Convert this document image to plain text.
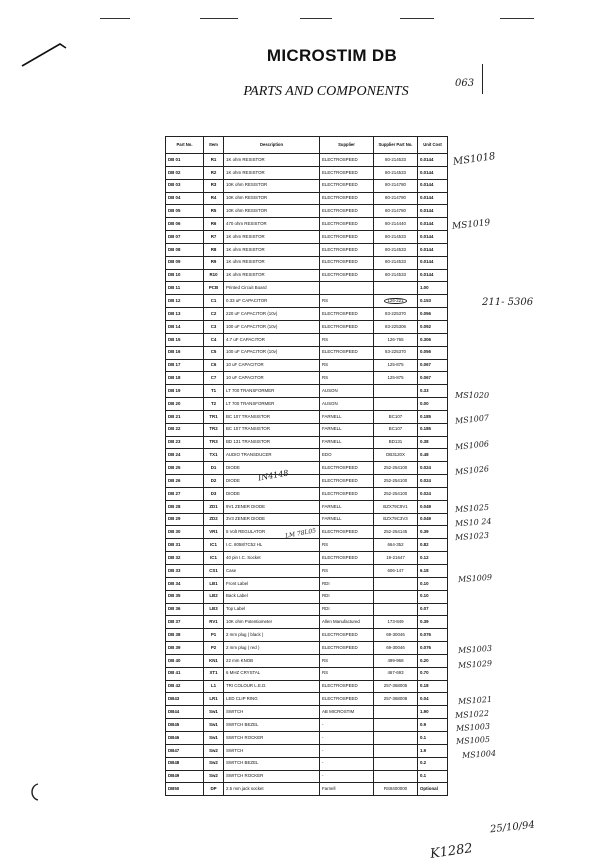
MICROSTIM DB
PARTS AND COMPONENTS
063
Part No.	Item	Description	Supplier	Supplier Part No.	Unit Cost
DB 01	R1	1K ohm RESISTOR	ELECTROSPEED	80-214533	0.0144
DB 02	R2	1K ohm RESISTOR	ELECTROSPEED	80-214533	0.0144
DB 03	R3	10K ohm RESISTOR	ELECTROSPEED	80-214780	0.0144
DB 04	R4	10K ohm RESISTOR	ELECTROSPEED	80-214780	0.0144
DB 05	R5	10K ohm RESISTOR	ELECTROSPEED	80-214780	0.0144
DB 06	R6	470 ohm RESISTOR	ELECTROSPEED	80-214440	0.0144
DB 07	R7	1K ohm RESISTOR	ELECTROSPEED	80-214533	0.0144
DB 08	R8	1K ohm RESISTOR	ELECTROSPEED	80-214533	0.0144
DB 09	R9	1K ohm RESISTOR	ELECTROSPEED	80-214533	0.0144
DB 10	R10	1K ohm RESISTOR	ELECTROSPEED	80-214533	0.0144
DB 11	PCB	Printed Circuit Board			1.00
DB 12	C1	0.33 uF CAPACITOR	RS	126-221	0.153
DB 13	C2	220 uF CAPACITOR (10v)	ELECTROSPEED	83-225370	0.056
DB 14	C3	100 uF CAPACITOR (10v)	ELECTROSPEED	83-225306	0.092
DB 15	C4	4.7 uF CAPACITOR	RS	126-765	0.306
DB 16	C5	100 uF CAPACITOR (10v)	ELECTROSPEED	83-225370	0.056
DB 17	C6	10 uF CAPACITOR	RS	125-875	0.067
DB 18	C7	10 uF CAPACITOR	RS	125-875	0.067
DB 19	T1	LT 700 TRANSFORMER	AUSON		0.33
DB 20	T2	LT 700 TRANSFORMER	AUSON		0.00
DB 21	TR1	BC 107 TRANSISTOR	FARNELL	BC107	0.185
DB 22	TR2	BC 107 TRANSISTOR	FARNELL	BC107	0.185
DB 23	TR3	BD 131 TRANSISTOR	FARNELL	BD131	0.38
DB 24	TX1	AUDIO TRANSDUCER	EDO	DB3120X	0.48
DB 25	D1	DIODE	ELECTROSPEED	252-254100	0.024
DB 26	D2	DIODE	ELECTROSPEED	252-254100	0.024
DB 27	D3	DIODE	ELECTROSPEED	252-254100	0.024
DB 28	ZD1	9V1 ZENER DIODE	FARNELL	BZX79C9V1	0.049
DB 29	ZD2	3V3 ZENER DIODE	FARNELL	BZX79C3V3	0.049
DB 30	VR1	5 Volt REGULATOR	ELECTROSPEED	252-254145	0.39
DB 31	IC1	I.C. 8058/7C52 HL	RS	664-352	0.82
DB 32	IC1	40 pin I.C. Socket	ELECTROSPEED	19-21647	0.12
DB 33	CS1	Case	RS	606-147	6.18
DB 34	LB1	Front Label	RDI		0.10
DB 35	LB2	Back Label	RDI		0.10
DB 36	LB3	Top Label	RDI		0.07
DB 37	RV1	10K ohm Potentiometer	Allen Manufactured	173-849	0.39
DB 38	P1	2 mm plug ( black )	ELECTROSPEED	69-30046	0.076
DB 39	P2	2 mm plug ( red )	ELECTROSPEED	69-30046	0.076
DB 40	KN1	22 mm KNOB	RS	499-968	0.20
DB 41	XT1	6 MHZ CRYSTAL	RS	467-693	0.70
DB 42	L1	TRI COLOUR L.E.D.	ELECTROSPEED	257-368005	0.18
DB43	LR1	LED CLIP RING	ELECTROSPEED	257-368008	0.04
DB44	Sw1	SWITCH	AB MICROSTIM		1.90
DB45	Sw1	SWITCH BEZEL	-		0.9
DB46	Sw1	SWITCH ROCKER	-		0.1
DB47	Sw2	SWITCH	-		1.9
DB48	Sw2	SWITCH BEZEL	-		0.2
DB49	Sw2	SWITCH ROCKER	-		0.1
DB50	DP	2.5 mm jack socket	Farnell	RS8400000	Optional
MS1018
MS1019
211- 5306
MS1020
MS1007
MS1006
MS1026
IN4148
MS1025
MS10 24
MS1023
LM 78L05
MS1009
MS1003
MS1029
MS1021
MS1022
MS1003
MS1005
MS1004
25/10/94
K1282
